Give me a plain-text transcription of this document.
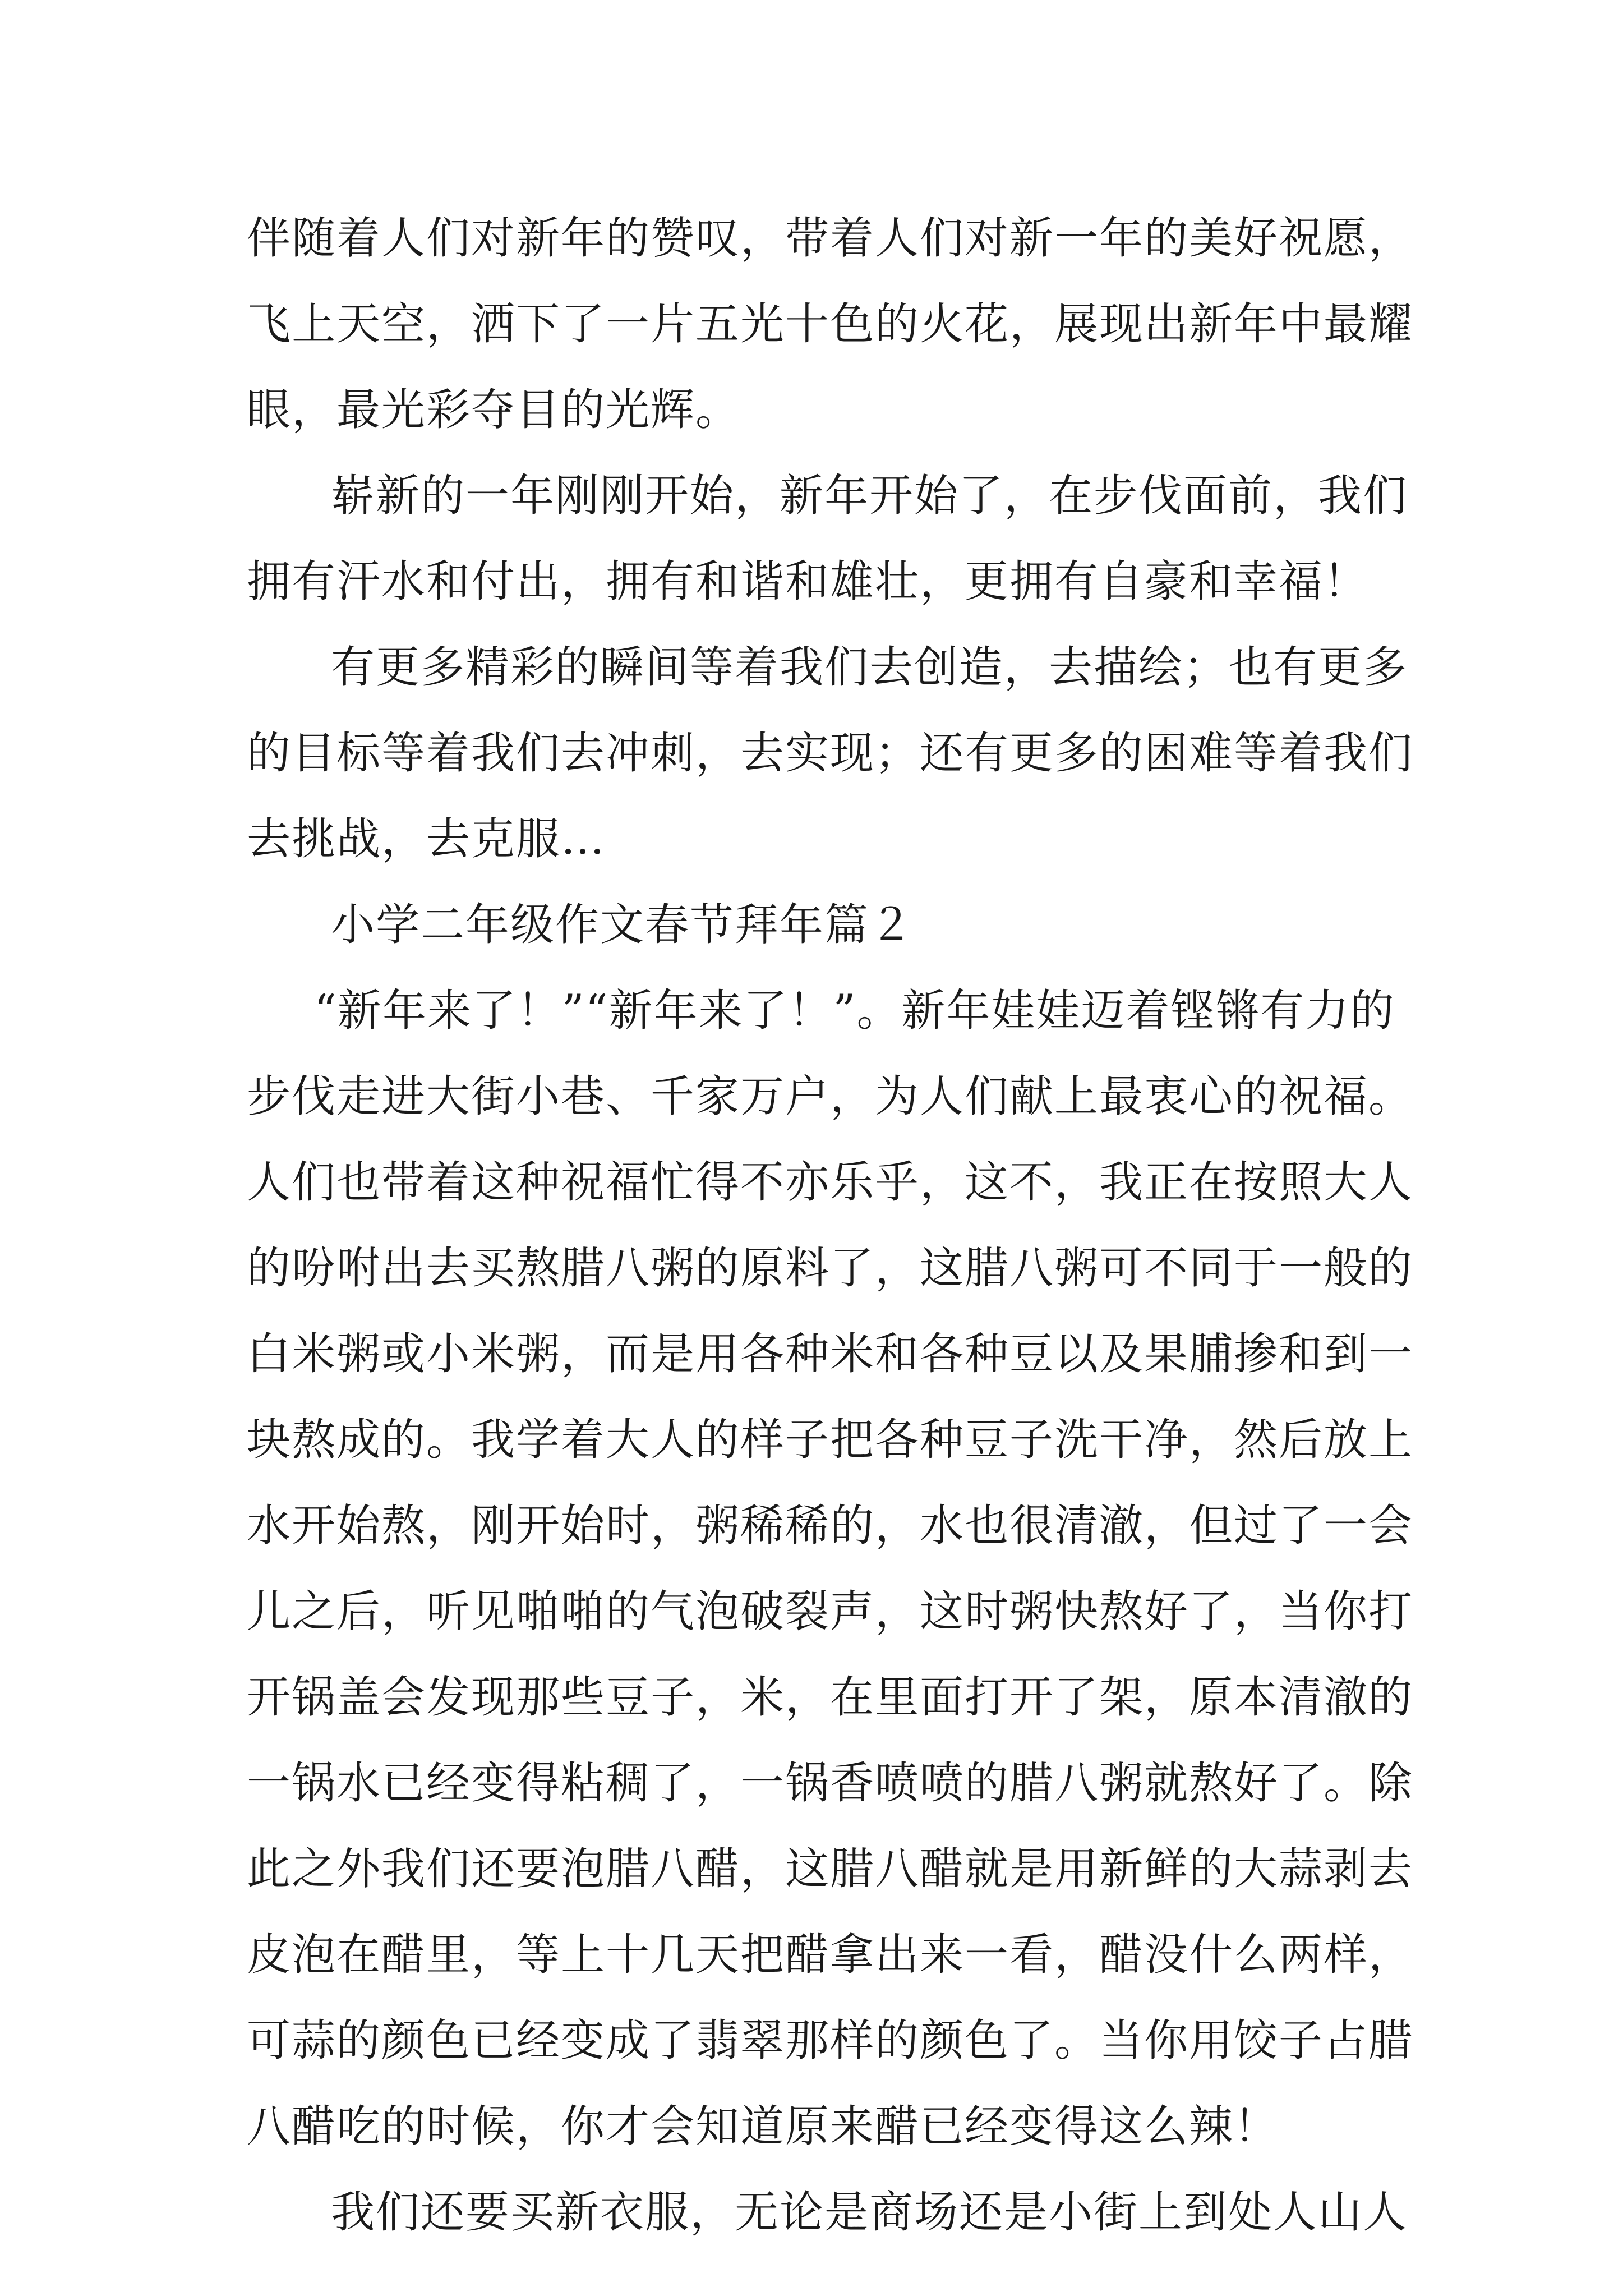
伴随着人们对新年的赞叹，带着人们对新一年的美好祝愿，
飞上天空，洒下了一片五光十色的火花，展现出新年中最耀
眼，最光彩夺目的光辉。
崭新的一年刚刚开始，新年开始了，在步伐面前，我们
拥有汗水和付出，拥有和谐和雄壮，更拥有自豪和幸福！
有更多精彩的瞬间等着我们去创造，去描绘；也有更多
的目标等着我们去冲刺，去实现；还有更多的困难等着我们
去挑战，去克服…
小学二年级作文春节拜年篇２
“新年来了！”“新年来了！”。新年娃娃迈着铿锵有力的
步伐走进大街小巷、千家万户，为人们献上最衷心的祝福。
人们也带着这种祝福忙得不亦乐乎，这不，我正在按照大人
的吩咐出去买熬腊八粥的原料了，这腊八粥可不同于一般的
白米粥或小米粥，而是用各种米和各种豆以及果脯掺和到一
块熬成的。我学着大人的样子把各种豆子洗干净，然后放上
水开始熬，刚开始时，粥稀稀的，水也很清澈，但过了一会
儿之后，听见啪啪的气泡破裂声，这时粥快熬好了，当你打
开锅盖会发现那些豆子，米，在里面打开了架，原本清澈的
一锅水已经变得粘稠了，一锅香喷喷的腊八粥就熬好了。除
此之外我们还要泡腊八醋，这腊八醋就是用新鲜的大蒜剥去
皮泡在醋里，等上十几天把醋拿出来一看，醋没什么两样，
可蒜的颜色已经变成了翡翠那样的颜色了。当你用饺子占腊
八醋吃的时候，你才会知道原来醋已经变得这么辣！
我们还要买新衣服，无论是商场还是小街上到处人山人
